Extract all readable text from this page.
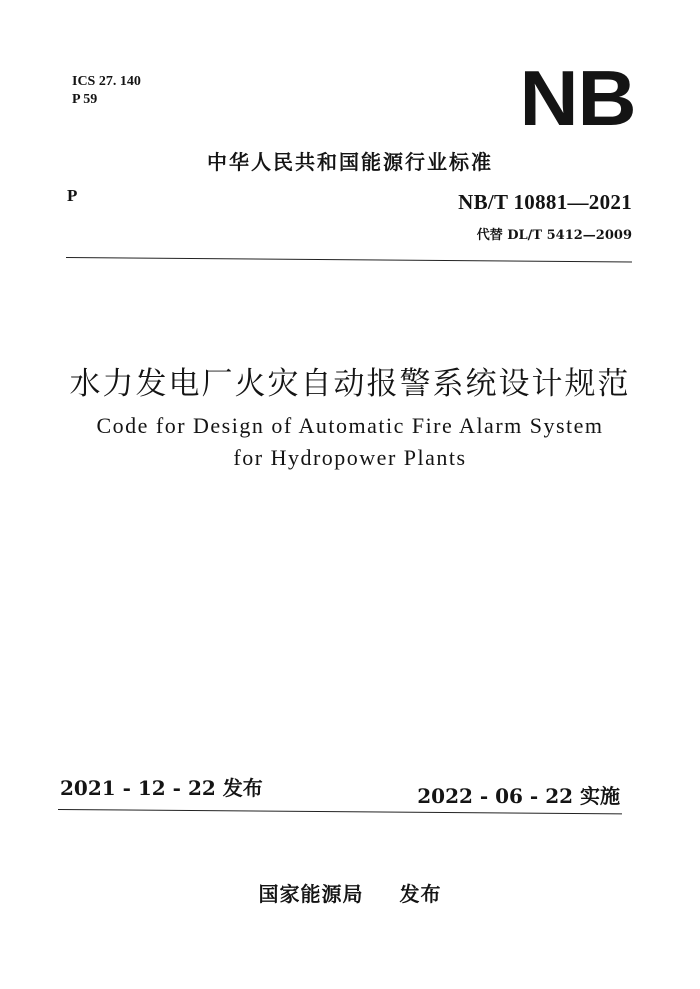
ICS 27. 140
P 59	NB
中华人民共和国能源行业标准
P	NB/T 10881—2021
代替 DL/T 5412—2009
水力发电厂火灾自动报警系统设计规范
Code for Design of Automatic Fire Alarm System
for Hydropower Plants
2021 - 12 - 22 发布	2022 - 06 - 22 实施
国家能源局 发布
